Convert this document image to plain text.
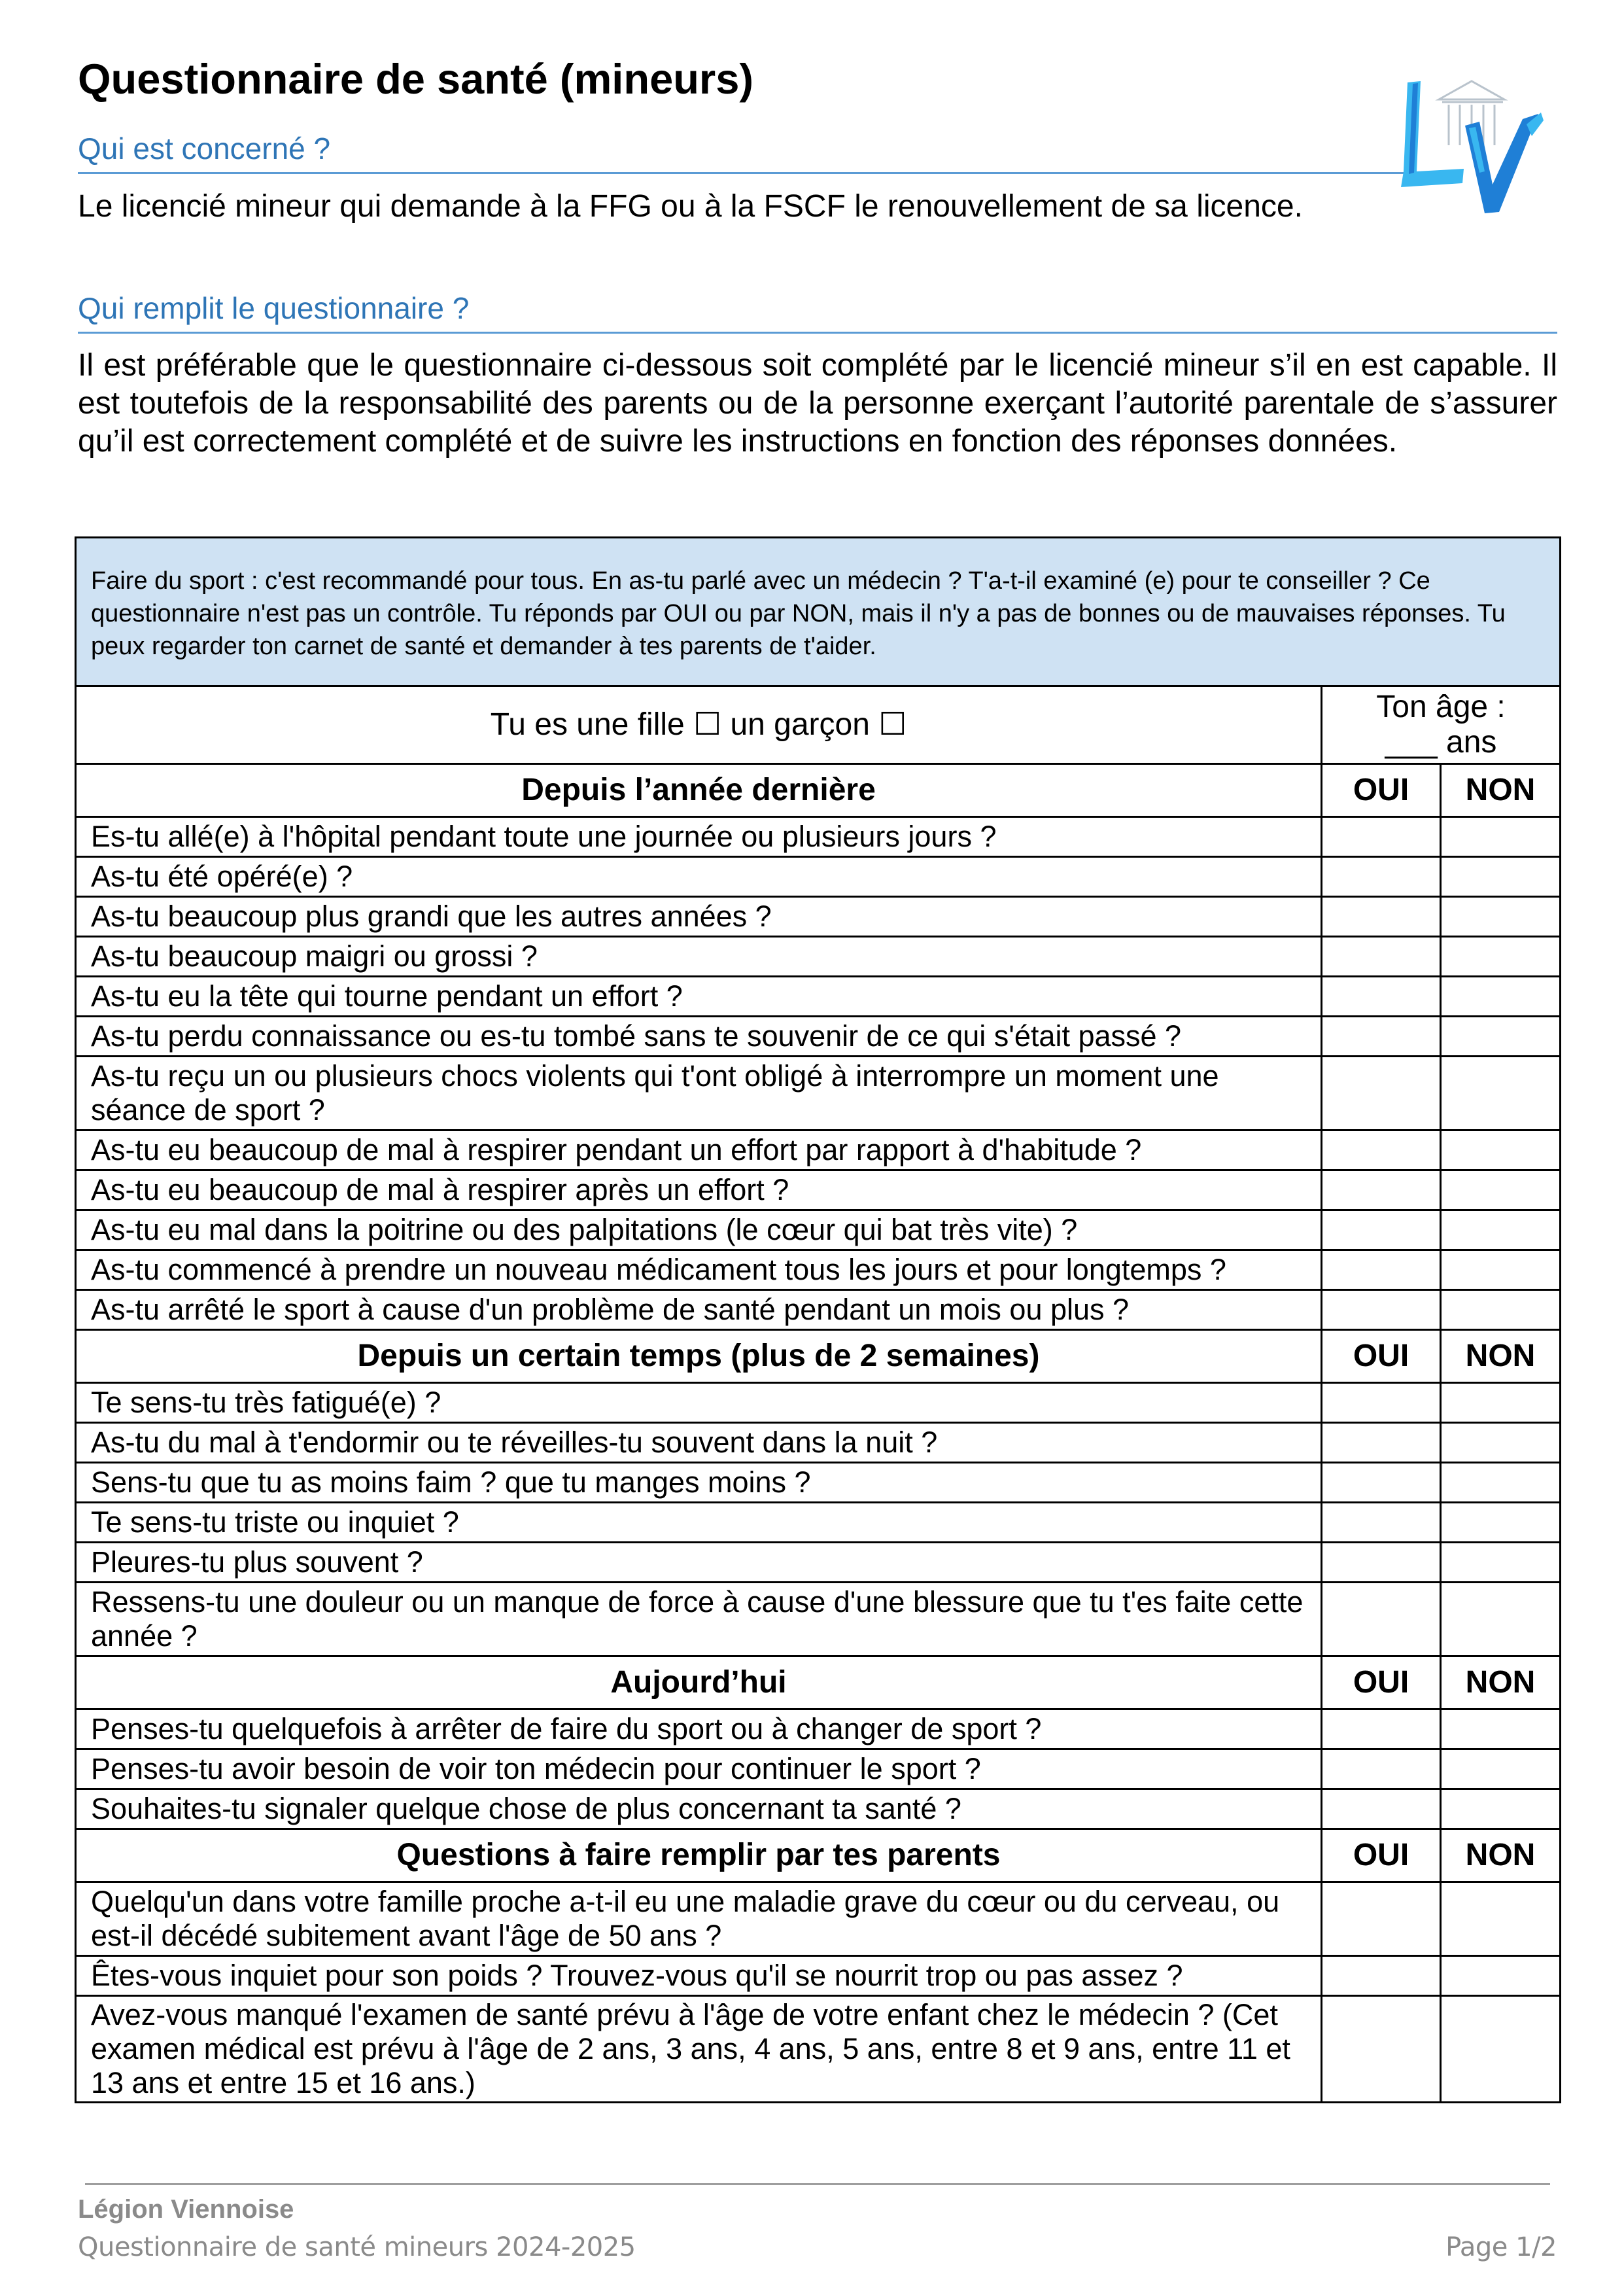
Questionnaire de santé (mineurs)
Qui est concerné ?

Le licencié mineur qui demande à la FFG ou à la FSCF le renouvellement de sa licence.

Qui remplit le questionnaire ?

Il est préférable que le questionnaire ci-dessous soit complété par le licencié mineur s’il en est capable. Il est toutefois de la responsabilité des parents ou de la personne exerçant l’autorité parentale de s’assurer qu’il est correctement complété et de suivre les instructions en fonction des réponses données.

Faire du sport : c'est recommandé pour tous. En as-tu parlé avec un médecin ? T'a-t-il examiné (e) pour te conseiller ? Ce questionnaire n'est pas un contrôle. Tu réponds par OUI ou par NON, mais il n'y a pas de bonnes ou de mauvaises réponses. Tu peux regarder ton carnet de santé et demander à tes parents de t'aider.		
Tu es une fille ☐ un garçon ☐	Ton âge :
___ ans	

Depuis l’année dernière	OUI	NON
Es-tu allé(e) à l'hôpital pendant toute une journée ou plusieurs jours ?		
As-tu été opéré(e) ?		
As-tu beaucoup plus grandi que les autres années ?		
As-tu beaucoup maigri ou grossi ?		
As-tu eu la tête qui tourne pendant un effort ?		
As-tu perdu connaissance ou es-tu tombé sans te souvenir de ce qui s'était passé ?		
As-tu reçu un ou plusieurs chocs violents qui t'ont obligé à interrompre un moment une séance de sport ?		
As-tu eu beaucoup de mal à respirer pendant un effort par rapport à d'habitude ?		
As-tu eu beaucoup de mal à respirer après un effort ?		
As-tu eu mal dans la poitrine ou des palpitations (le cœur qui bat très vite) ?		
As-tu commencé à prendre un nouveau médicament tous les jours et pour longtemps ?		
As-tu arrêté le sport à cause d'un problème de santé pendant un mois ou plus ?		
Depuis un certain temps (plus de 2 semaines)	OUI	NON
Te sens-tu très fatigué(e) ?		
As-tu du mal à t'endormir ou te réveilles-tu souvent dans la nuit ?		
Sens-tu que tu as moins faim ? que tu manges moins ?		
Te sens-tu triste ou inquiet ?		
Pleures-tu plus souvent ?		
Ressens-tu une douleur ou un manque de force à cause d'une blessure que tu t'es faite cette année ?		
Aujourd’hui	OUI	NON
Penses-tu quelquefois à arrêter de faire du sport ou à changer de sport ?		
Penses-tu avoir besoin de voir ton médecin pour continuer le sport ?		
Souhaites-tu signaler quelque chose de plus concernant ta santé ?		
Questions à faire remplir par tes parents	OUI	NON
Quelqu'un dans votre famille proche a-t-il eu une maladie grave du cœur ou du cerveau, ou est-il décédé subitement avant l'âge de 50 ans ?		
Êtes-vous inquiet pour son poids ? Trouvez-vous qu'il se nourrit trop ou pas assez ?		
Avez-vous manqué l'examen de santé prévu à l'âge de votre enfant chez le médecin ? (Cet examen médical est prévu à l'âge de 2 ans, 3 ans, 4 ans, 5 ans, entre 8 et 9 ans, entre 11 et 13 ans et entre 15 et 16 ans.)		
Légion Viennoise
Questionnaire de santé mineurs 2024-2025	Page 1/2
